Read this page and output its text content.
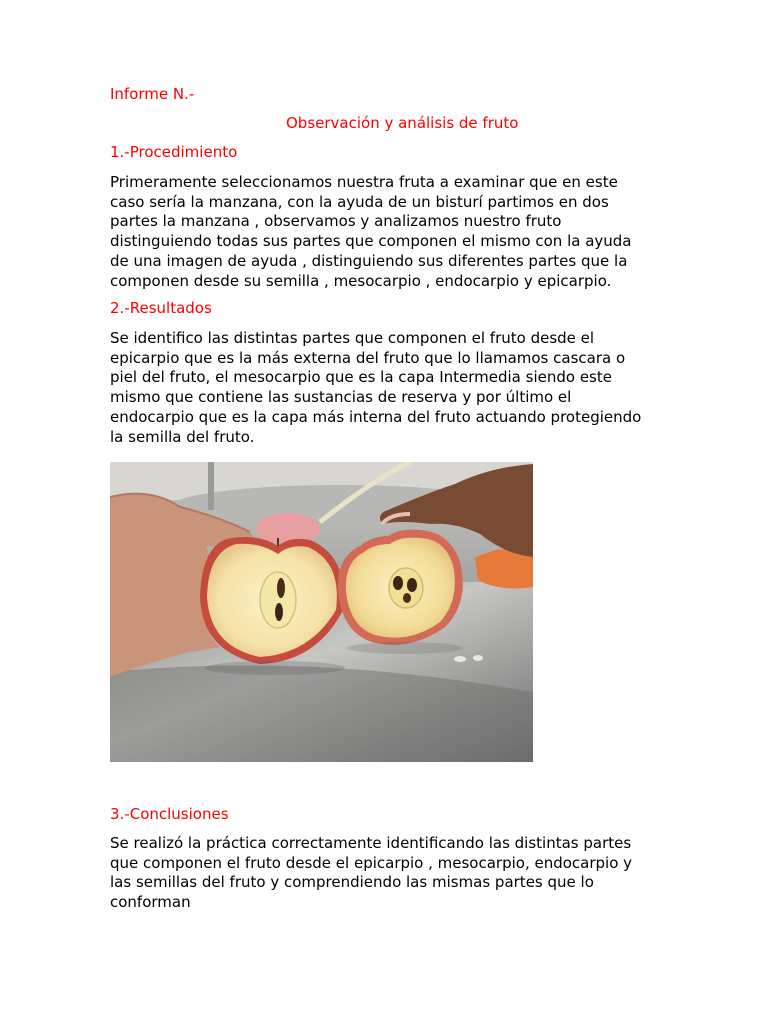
Informe N.-
Observación y análisis de fruto
1.-Procedimiento
Primeramente seleccionamos nuestra fruta a examinar que en este
caso sería la manzana, con la ayuda de un bisturí partimos en dos
partes la manzana , observamos y analizamos nuestro fruto
distinguiendo todas sus partes que componen el mismo con la ayuda
de una imagen de ayuda , distinguiendo sus diferentes partes que la
componen desde su semilla , mesocarpio , endocarpio y epicarpio.
2.-Resultados
Se identifico las distintas partes que componen el fruto desde el
epicarpio que es la más externa del fruto que lo llamamos cascara o
piel del fruto, el mesocarpio que es la capa Intermedia siendo este
mismo que contiene las sustancias de reserva y por último el
endocarpio que es la capa más interna del fruto actuando protegiendo
la semilla del fruto.
3.-Conclusiones
Se realizó la práctica correctamente identificando las distintas partes
que componen el fruto desde el epicarpio , mesocarpio, endocarpio y
las semillas del fruto y comprendiendo las mismas partes que lo
conforman
